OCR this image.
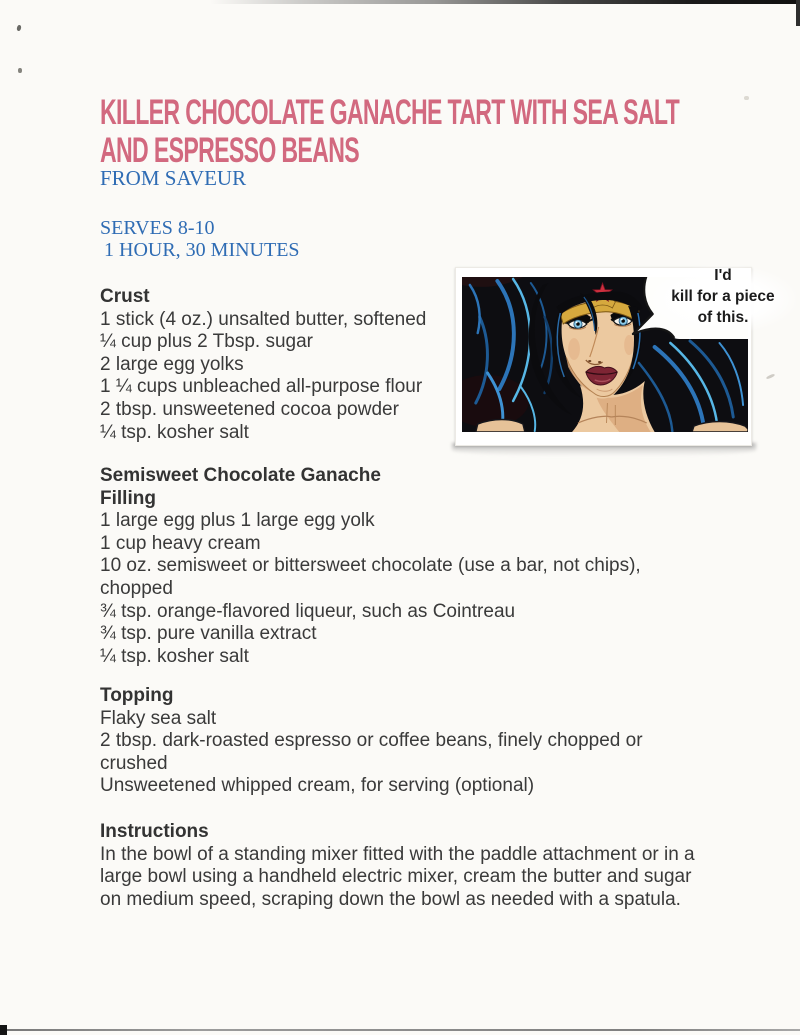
KILLER CHOCOLATE GANACHE TART WITH SEA SALT
AND ESPRESSO BEANS
FROM SAVEUR
SERVES 8-10
1 HOUR, 30 MINUTES
Crust
1 stick (4 oz.) unsalted butter, softened
¼ cup plus 2 Tbsp. sugar
2 large egg yolks
1 ¼ cups unbleached all-purpose flour
2 tbsp. unsweetened cocoa powder
¼ tsp. kosher salt
Semisweet Chocolate Ganache
Filling
1 large egg plus 1 large egg yolk
1 cup heavy cream
10 oz. semisweet or bittersweet chocolate (use a bar, not chips),
chopped
¾ tsp. orange-flavored liqueur, such as Cointreau
¾ tsp. pure vanilla extract
¼ tsp. kosher salt
Topping
Flaky sea salt
2 tbsp. dark-roasted espresso or coffee beans, finely chopped or
crushed
Unsweetened whipped cream, for serving (optional)
Instructions
In the bowl of a standing mixer fitted with the paddle attachment or in a
large bowl using a handheld electric mixer, cream the butter and sugar
on medium speed, scraping down the bowl as needed with a spatula.
I'd
kill for a piece
of this.
